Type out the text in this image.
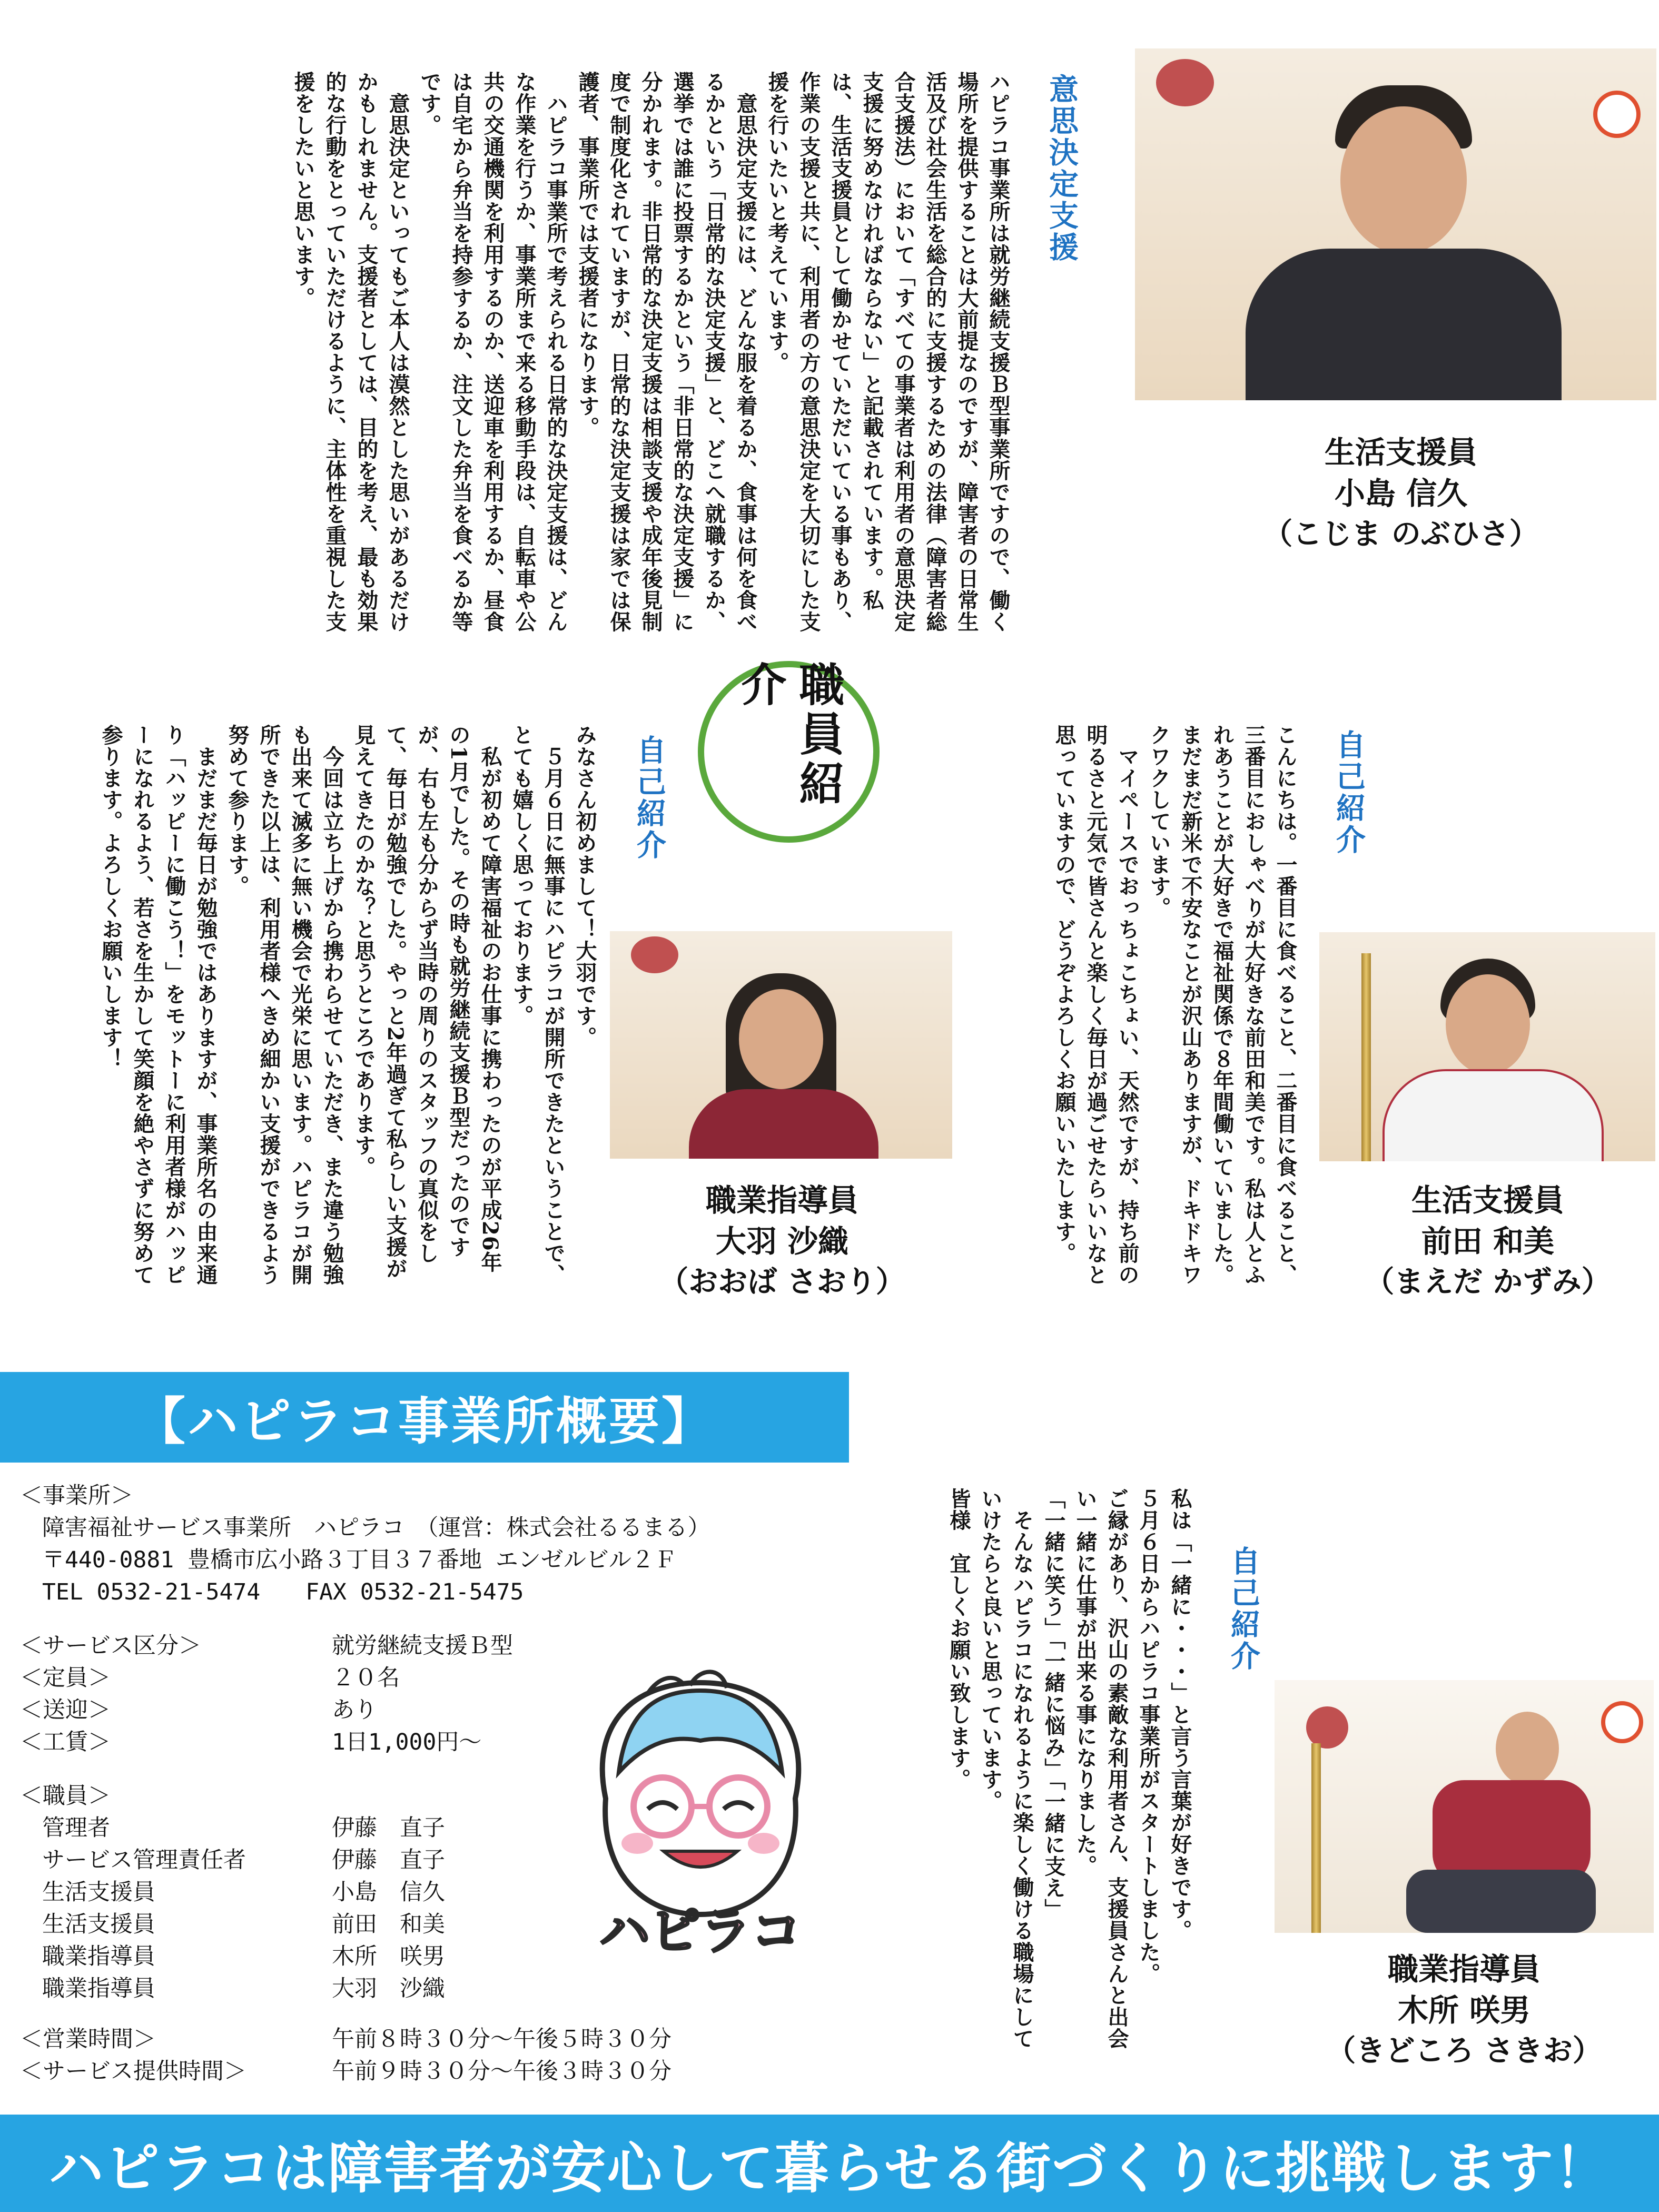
意思決定支援
ハピラコ事業所は就労継続支援Ｂ型事業所ですので、働く場所を提供することは大前提なのですが、障害者の日常生活及び社会生活を総合的に支援するための法律（障害者総合支援法）において「すべての事業者は利用者の意思決定支援に努めなければならない」と記載されています。私は、生活支援員として働かせていただいている事もあり、作業の支援と共に、利用者の方の意思決定を大切にした支援を行いたいと考えています。
　意思決定支援には、どんな服を着るか、食事は何を食べるかという「日常的な決定支援」と、どこへ就職するか、選挙では誰に投票するかという「非日常的な決定支援」に分かれます。非日常的な決定支援は相談支援や成年後見制度で制度化されていますが、日常的な決定支援は家では保護者、事業所では支援者になります。
　ハピラコ事業所で考えられる日常的な決定支援は、どんな作業を行うか、事業所まで来る移動手段は、自転車や公共の交通機関を利用するのか、送迎車を利用するか、昼食は自宅から弁当を持参するか、注文した弁当を食べるか等です。
　意思決定といってもご本人は漠然とした思いがあるだけかもしれません。支援者としては、目的を考え、最も効果的な行動をとっていただけるように、主体性を重視した支援をしたいと思います。
生活支援員
小島 信久
（こじま のぶひさ）
職員紹介
自己紹介
こんにちは。一番目に食べること、二番目に食べること、三番目におしゃべりが大好きな前田和美です。私は人とふれあうことが大好きで福祉関係で８年間働いていました。まだまだ新米で不安なことが沢山ありますが、ドキドキワクワクしています。
　マイペースでおっちょこちょい、天然ですが、持ち前の明るさと元気で皆さんと楽しく毎日が過ごせたらいいなと思っていますので、どうぞよろしくお願いいたします。	生活支援員
前田 和美
（まえだ かずみ）
自己紹介
みなさん初めまして！大羽です。
　５月６日に無事にハピラコが開所できたということで、とても嬉しく思っております。
　私が初めて障害福祉のお仕事に携わったのが平成26年の1月でした。その時も就労継続支援Ｂ型だったのですが、右も左も分からず当時の周りのスタッフの真似をして、毎日が勉強でした。やっと2年過ぎて私らしい支援が見えてきたのかな？と思うところであります。
　今回は立ち上げから携わらせていただき、また違う勉強も出来て滅多に無い機会で光栄に思います。ハピラコが開所できた以上は、利用者様へきめ細かい支援ができるよう努めて参ります。
　まだまだ毎日が勉強ではありますが、事業所名の由来通り「ハッピーに働こう！」をモットーに利用者様がハッピーになれるよう、若さを生かして笑顔を絶やさずに努めて参ります。よろしくお願いします！
職業指導員
大羽 沙織
（おおば さおり）
【ハピラコ事業所概要】
＜事業所＞
障害福祉サービス事業所　ハピラコ　（運営：株式会社るるまる）
〒440-0881 豊橋市広小路３丁目３７番地 エンゼルビル２Ｆ
TEL 0532-21-5474　　FAX 0532-21-5475
＜サービス区分＞	就労継続支援Ｂ型
＜定員＞	２０名
＜送迎＞	あり
＜工賃＞	1日1,000円～
＜職員＞
管理者	伊藤　直子
サービス管理責任者	伊藤　直子
生活支援員	小島　信久
生活支援員	前田　和美
職業指導員	木所　咲男
職業指導員	大羽　沙織
＜営業時間＞	午前８時３０分～午後５時３０分
＜サービス提供時間＞	午前９時３０分～午後３時３０分
ハピラコ
自己紹介
私は「一緒に・・・」と言う言葉が好きです。
５月６日からハピラコ事業所がスタートしました。
ご縁があり、沢山の素敵な利用者さん、支援員さんと出会い一緒に仕事が出来る事になりました。
「一緒に笑う」「一緒に悩み」「一緒に支え」
　そんなハピラコになれるように楽しく働ける職場にしていけたらと良いと思っています。
皆様　宜しくお願い致します。
職業指導員
木所 咲男
（きどころ さきお）
ハピラコは障害者が安心して暮らせる街づくりに挑戦します！
